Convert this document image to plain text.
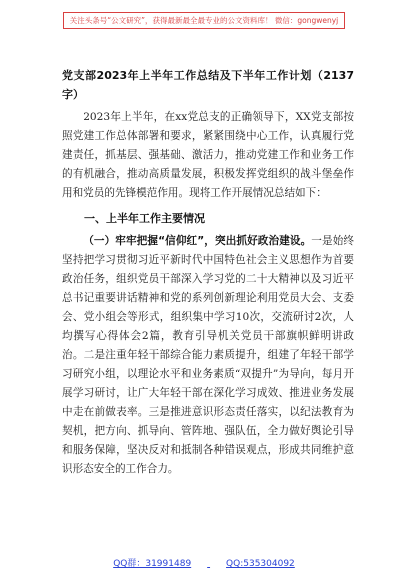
关注头条号“公文研究”，获得最新最全最专业的公文资料库！ 微信：gongwenyj
党支部2023年上半年工作总结及下半年工作计划（2137字）

2023年上半年，在xx党总支的正确领导下，XX党支部按照党建工作总体部署和要求，紧紧围绕中心工作，认真履行党建责任，抓基层、强基础、激活力，推动党建工作和业务工作的有机融合，推动高质量发展，积极发挥党组织的战斗堡垒作用和党员的先锋模范作用。现将工作开展情况总结如下：

一、上半年工作主要情况

（一）牢牢把握“信仰红”，突出抓好政治建设。一是始终坚持把学习贯彻习近平新时代中国特色社会主义思想作为首要政治任务，组织党员干部深入学习党的二十大精神以及习近平总书记重要讲话精神和党的系列创新理论利用党员大会、支委会、党小组会等形式，组织集中学习10次，交流研讨2次，人均撰写心得体会2篇，教育引导机关党员干部旗帜鲜明讲政治。二是注重年轻干部综合能力素质提升，组建了年轻干部学习研究小组，以理论水平和业务素质“双提升”为导向，每月开展学习研讨，让广大年轻干部在深化学习成效、推进业务发展中走在前做表率。三是推进意识形态责任落实，以纪法教育为契机，把方向、抓导向、管阵地、强队伍，全力做好舆论引导和服务保障，坚决反对和抵制各种错误观点，形成共同维护意识形态安全的工作合力。

QQ群：31991489	QQ:535304092
